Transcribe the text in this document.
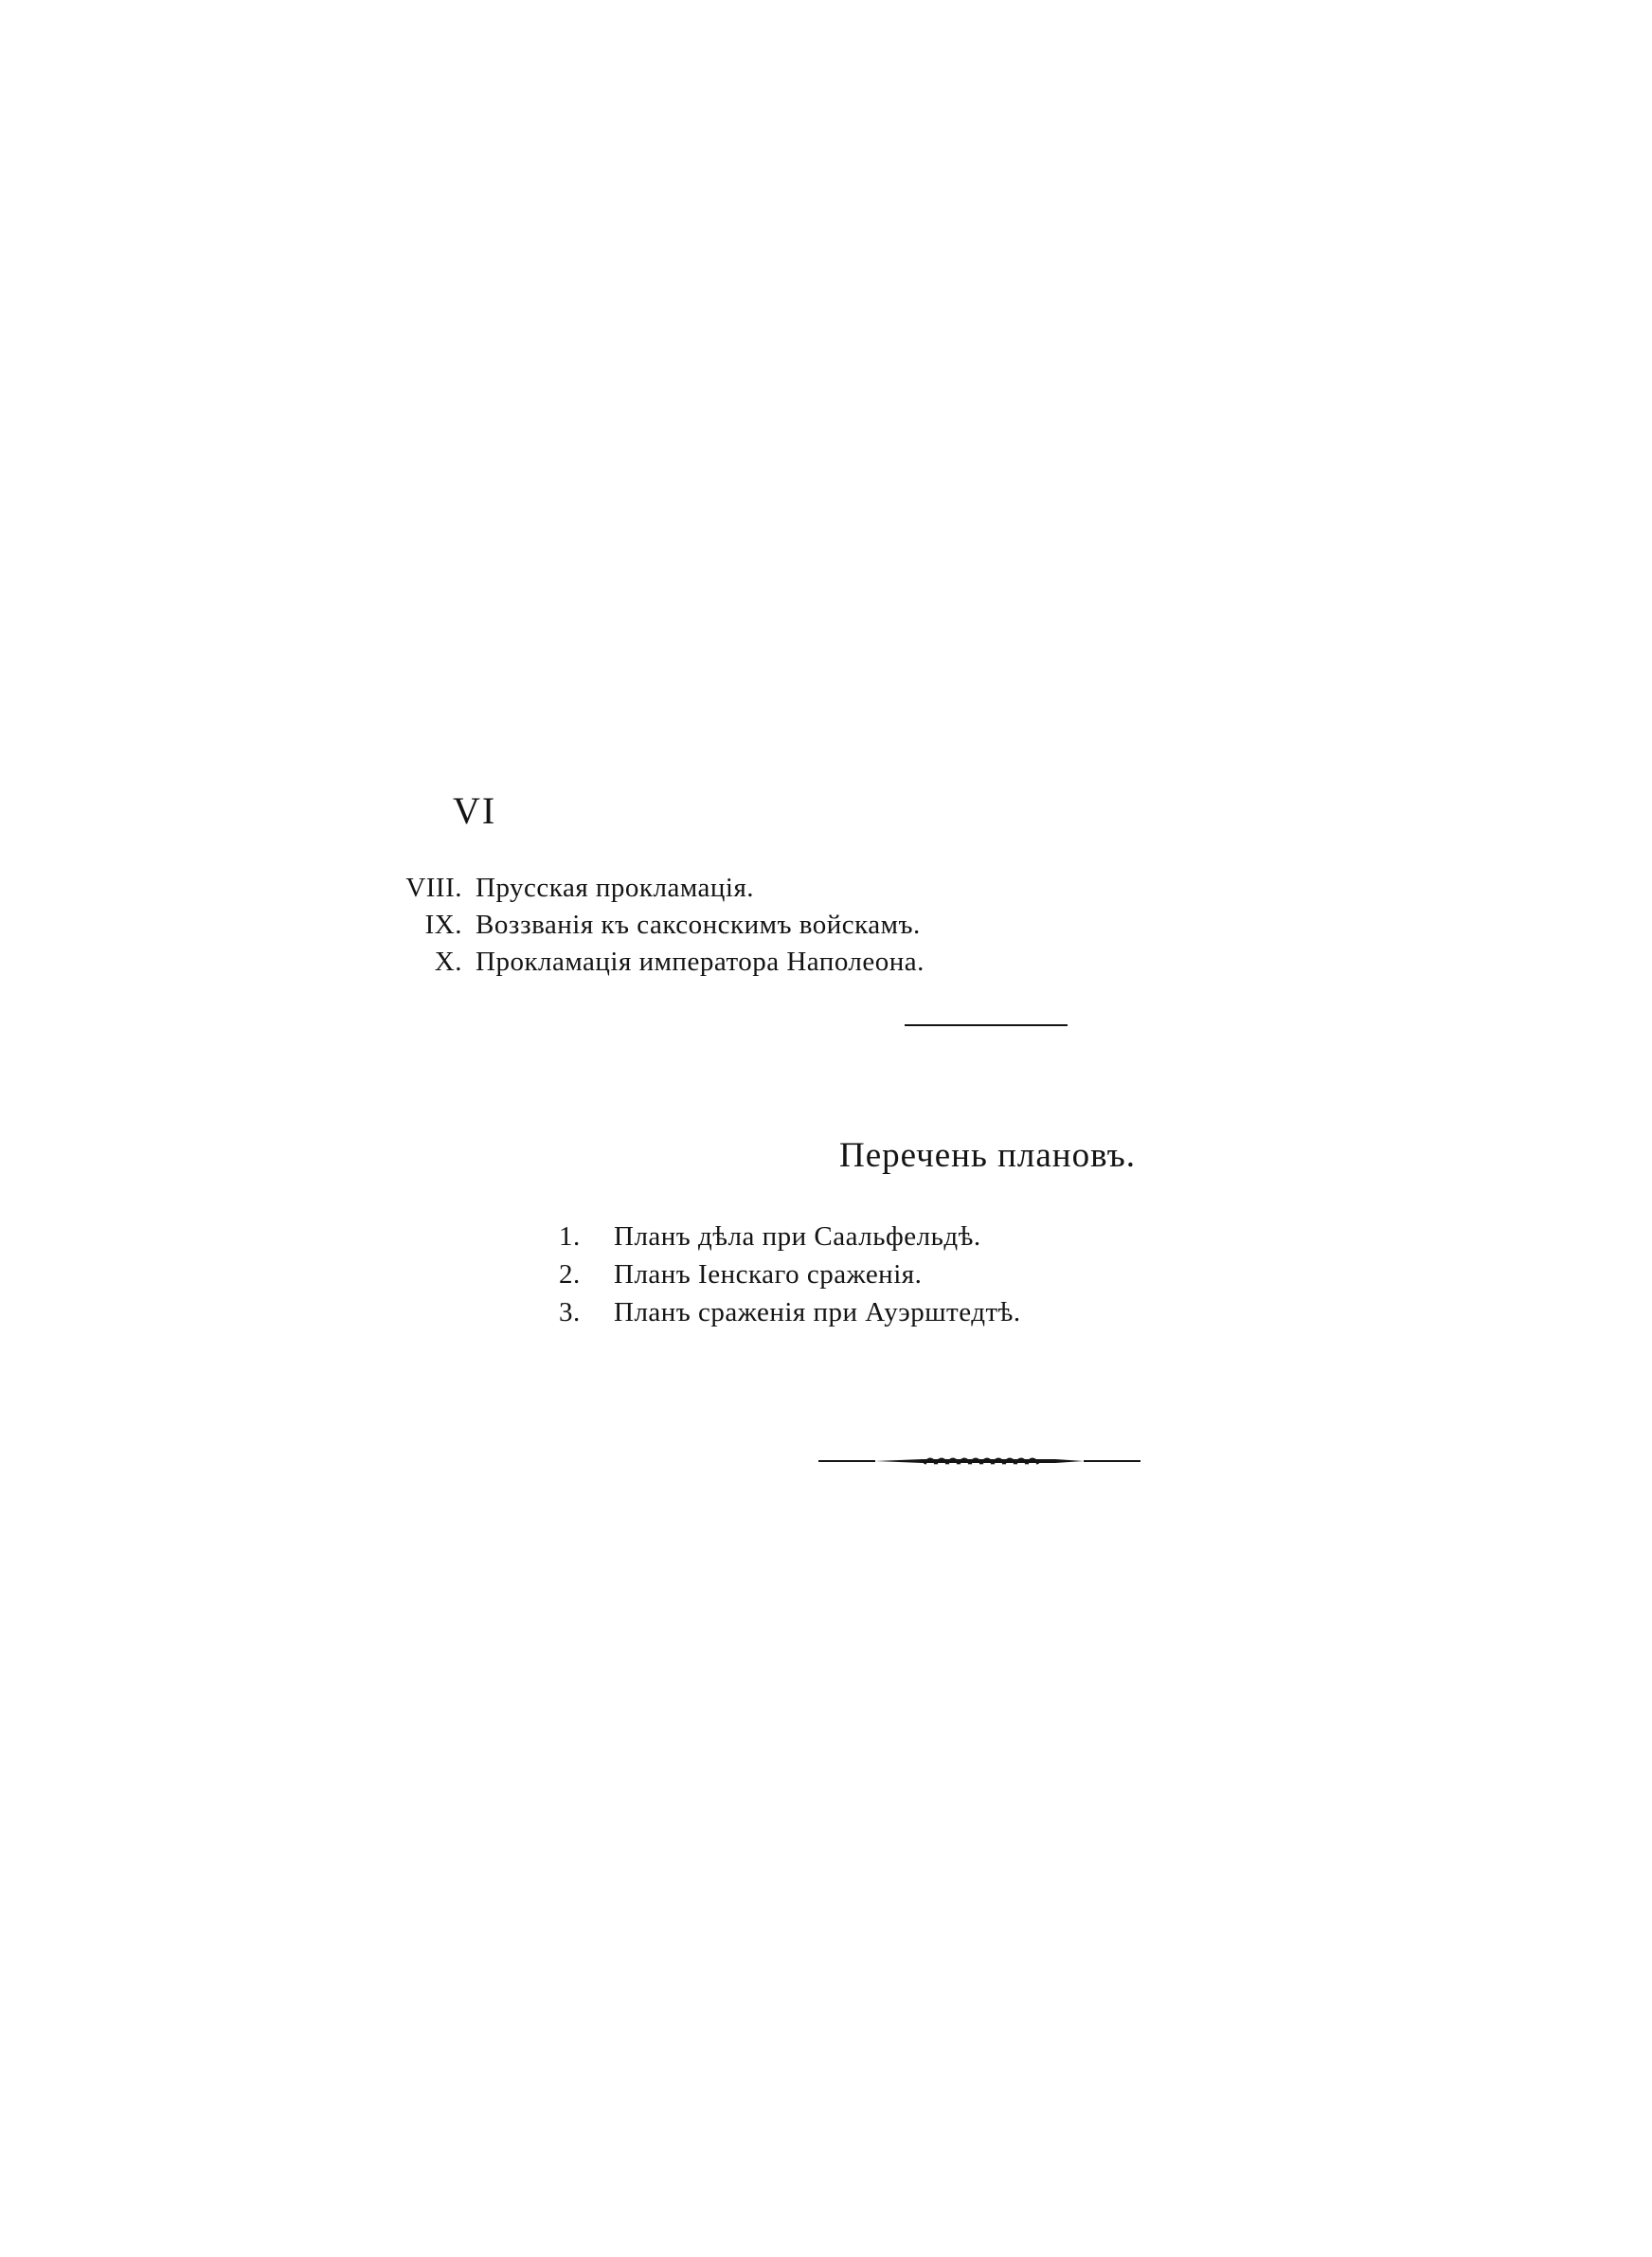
VI
VIII. Прусская прокламація.
IX. Воззванія къ саксонскимъ войскамъ.
X. Прокламація императора Наполеона.
Перечень плановъ.
1.	Планъ дѣла при Саальфельдѣ.
2.	Планъ Іенскаго сраженія.
3.	Планъ сраженія при Ауэрштедтѣ.
